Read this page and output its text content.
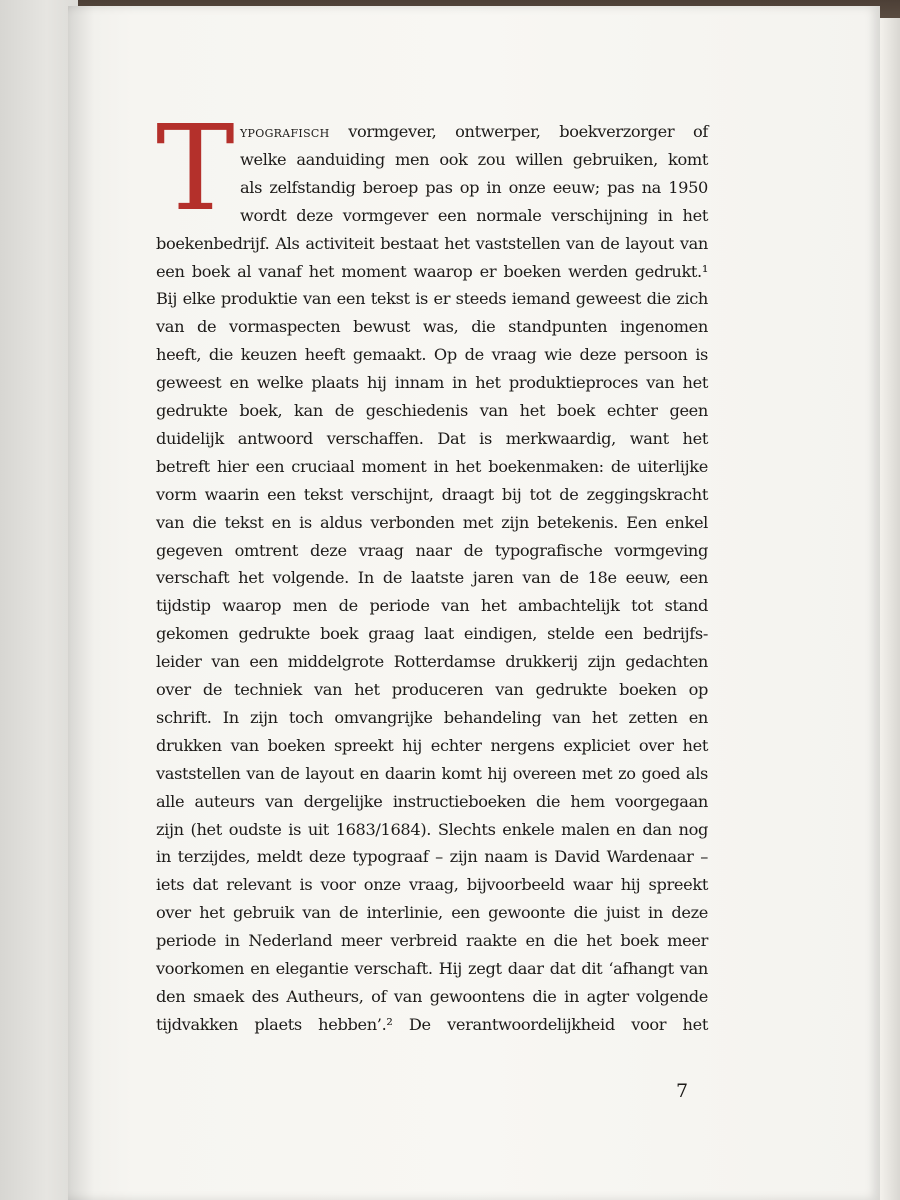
T ypografisch vormgever, ontwerper, boekverzorger of
welke aanduiding men ook zou willen gebruiken, komt
als zelfstandig beroep pas op in onze eeuw; pas na 1950
wordt deze vormgever een normale verschijning in het
boekenbedrijf. Als activiteit bestaat het vaststellen van de layout van
een boek al vanaf het moment waarop er boeken werden gedrukt.¹
Bij elke produktie van een tekst is er steeds iemand geweest die zich
van de vormaspecten bewust was, die standpunten ingenomen
heeft, die keuzen heeft gemaakt. Op de vraag wie deze persoon is
geweest en welke plaats hij innam in het produktieproces van het
gedrukte boek, kan de geschiedenis van het boek echter geen
duidelijk antwoord verschaffen. Dat is merkwaardig, want het
betreft hier een cruciaal moment in het boekenmaken: de uiterlijke
vorm waarin een tekst verschijnt, draagt bij tot de zeggingskracht
van die tekst en is aldus verbonden met zijn betekenis. Een enkel
gegeven omtrent deze vraag naar de typografische vormgeving
verschaft het volgende. In de laatste jaren van de 18e eeuw, een
tijdstip waarop men de periode van het ambachtelijk tot stand
gekomen gedrukte boek graag laat eindigen, stelde een bedrijfs-
leider van een middelgrote Rotterdamse drukkerij zijn gedachten
over de techniek van het produceren van gedrukte boeken op
schrift. In zijn toch omvangrijke behandeling van het zetten en
drukken van boeken spreekt hij echter nergens expliciet over het
vaststellen van de layout en daarin komt hij overeen met zo goed als
alle auteurs van dergelijke instructieboeken die hem voorgegaan
zijn (het oudste is uit 1683/1684). Slechts enkele malen en dan nog
in terzijdes, meldt deze typograaf – zijn naam is David Wardenaar –
iets dat relevant is voor onze vraag, bijvoorbeeld waar hij spreekt
over het gebruik van de interlinie, een gewoonte die juist in deze
periode in Nederland meer verbreid raakte en die het boek meer
voorkomen en elegantie verschaft. Hij zegt daar dat dit ‘afhangt van
den smaek des Autheurs, of van gewoontens die in agter volgende
tijdvakken plaets hebben’.² De verantwoordelijkheid voor het
7
